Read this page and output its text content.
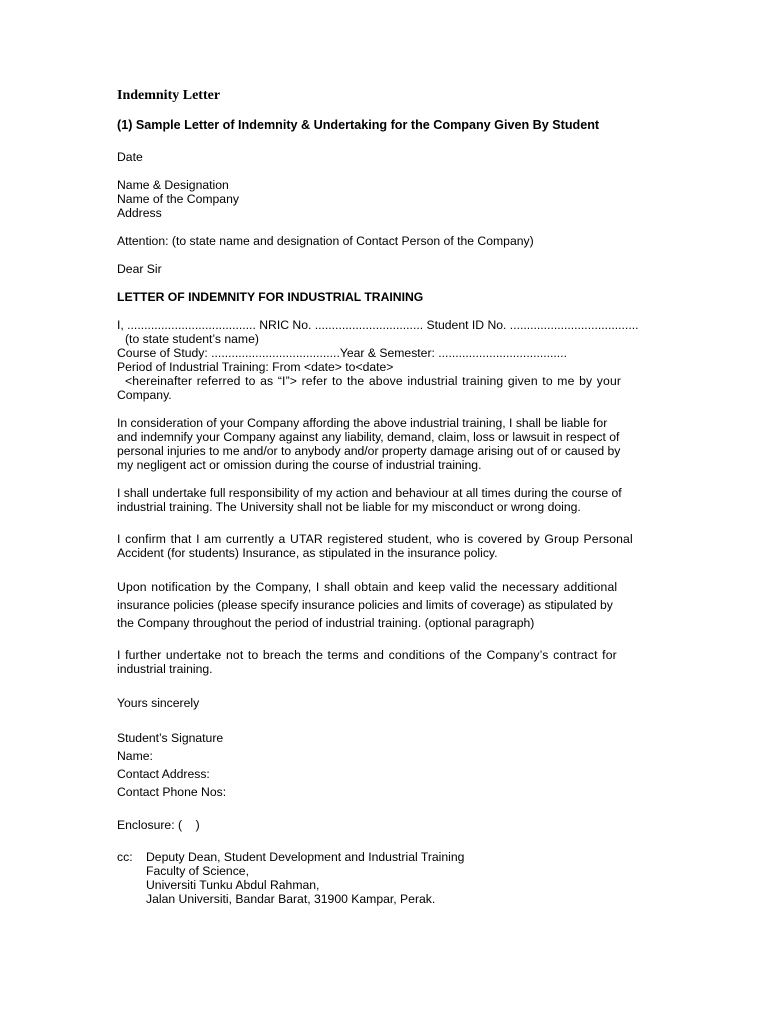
Indemnity Letter
(1) Sample Letter of Indemnity & Undertaking for the Company Given By Student
Date
Name & Designation
Name of the Company
Address
Attention: (to state name and designation of Contact Person of the Company)
Dear Sir
LETTER OF INDEMNITY FOR INDUSTRIAL TRAINING
I, ...................................... NRIC No. ................................ Student ID No. ......................................
(to state student’s name)
Course of Study: ......................................Year & Semester: ......................................
Period of Industrial Training: From <date> to<date>
<hereinafter referred to as “I”> refer to the above industrial training given to me by your
Company.
In consideration of your Company affording the above industrial training, I shall be liable for
and indemnify your Company against any liability, demand, claim, loss or lawsuit in respect of
personal injuries to me and/or to anybody and/or property damage arising out of or caused by
my negligent act or omission during the course of industrial training.
I shall undertake full responsibility of my action and behaviour at all times during the course of
industrial training. The University shall not be liable for my misconduct or wrong doing.
I confirm that I am currently a UTAR registered student, who is covered by Group Personal
Accident (for students) Insurance, as stipulated in the insurance policy.
Upon notification by the Company, I shall obtain and keep valid the necessary additional
insurance policies (please specify insurance policies and limits of coverage) as stipulated by
the Company throughout the period of industrial training. (optional paragraph)
I further undertake not to breach the terms and conditions of the Company’s contract for
industrial training.
Yours sincerely
Student’s Signature
Name:
Contact Address:
Contact Phone Nos:
Enclosure: (    )
cc:	Deputy Dean, Student Development and Industrial Training
Faculty of Science,
Universiti Tunku Abdul Rahman,
Jalan Universiti, Bandar Barat, 31900 Kampar, Perak.
